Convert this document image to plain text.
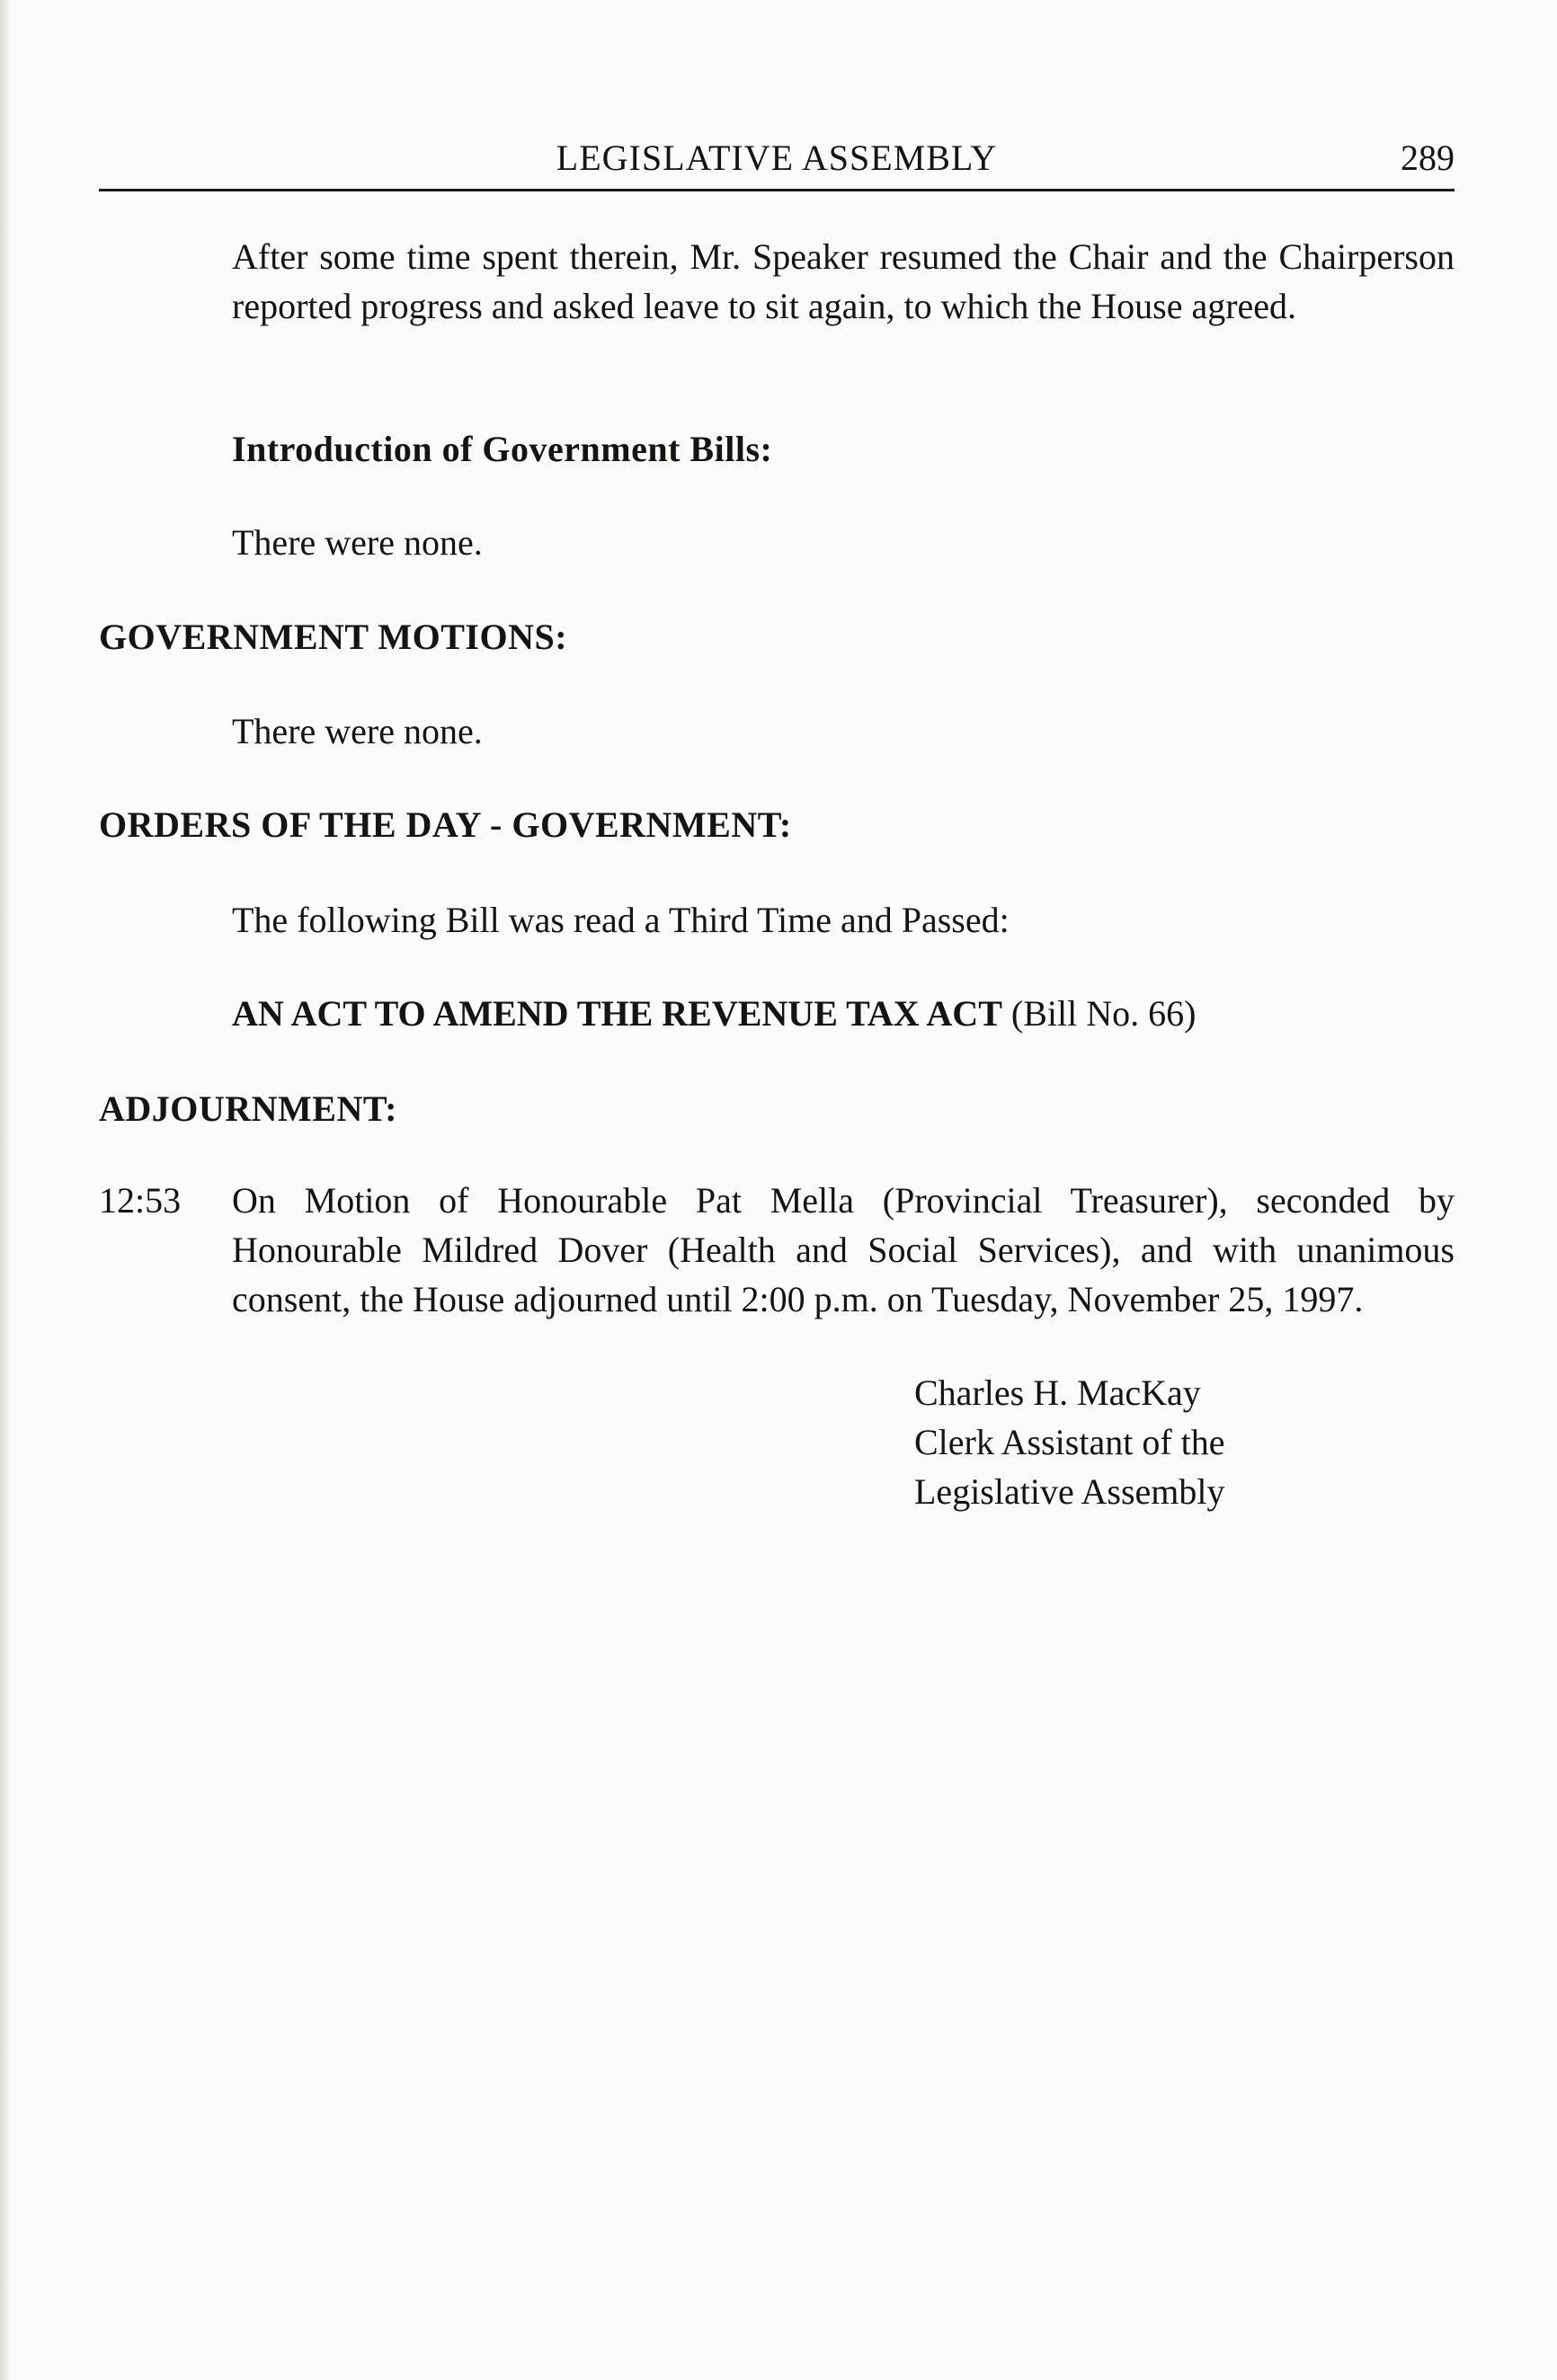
LEGISLATIVE ASSEMBLY	289

After some time spent therein, Mr. Speaker resumed the Chair and the Chairperson reported progress and asked leave to sit again, to which the House agreed.

Introduction of Government Bills:

There were none.

GOVERNMENT MOTIONS:

There were none.

ORDERS OF THE DAY - GOVERNMENT:

The following Bill was read a Third Time and Passed:

AN ACT TO AMEND THE REVENUE TAX ACT (Bill No. 66)

ADJOURNMENT:

12:53 On Motion of Honourable Pat Mella (Provincial Treasurer), seconded by Honourable Mildred Dover (Health and Social Services), and with unanimous consent, the House adjourned until 2:00 p.m. on Tuesday, November 25, 1997.

Charles H. MacKay
Clerk Assistant of the
Legislative Assembly
